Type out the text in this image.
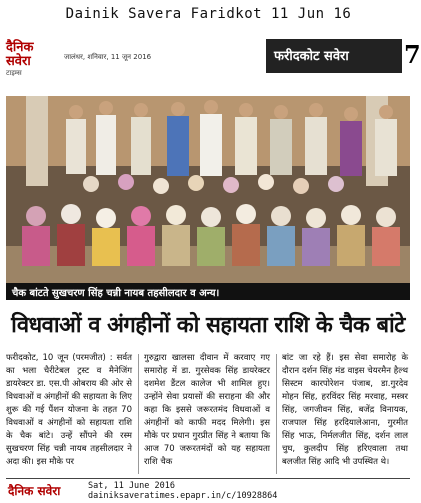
Dainik Savera Faridkot 11 Jun 16
दैनिक सवेरा
टाइम्स
जालंधर, शनिवार, 11 जून 2016	फरीदकोट सवेरा 7
चैक बांटते सुखचरण सिंह चन्नी नायब तहसीलदार व अन्य।
विधवाओं व अंगहीनों को सहायता राशि के चैक बांटे
फरीदकोट, 10 जून (परमजीत) : सर्वत का भला चैरीटेबल ट्रस्ट व मैनेजिंग डायरेक्टर डा. एस.पी ओबराय की ओर से विधवाओं व अंगहीनों की सहायता के लिए शुरू की गई पैंशन योजना के तहत 70 विधवाओं व अंगहीनों को सहायता राशि के चैक बांटे। उन्हें सौंपने की रस्म सुखचरण सिंह चन्नी नायब तहसीलदार ने अदा की। इस मौके पर
गुरुद्वारा खालसा दीवान में करवाए गए समारोह में डा. गुरसेवक सिंह डायरेक्टर दशमेश डैंटल कालेज भी शामिल हुए। उन्होंने सेवा प्रयासों की सराहना की और कहा कि इससे जरूरतमंद विधवाओं व अंगहीनों को काफी मदद मिलेगी। इस मौके पर प्रधान गुरप्रीत सिंह ने बताया कि आज 70 जरूरतमंदों को यह सहायता राशि चैक
बांट जा रहे हैं। इस सेवा समारोह के दौरान दर्शन सिंह मंड वाइस चेयरमैन हैल्थ सिस्टम कारपोरेशन पंजाब, डा.गुरदेव मोहन सिंह, हरविंदर सिंह मरवाह, मस्त्रर सिंह, जगजीवन सिंह, बजेंद्र विनायक, राजपाल सिंह हरदियालेआना, गुरमीत सिंह भाऊ, निर्मलजीत सिंह, दर्शन लाल चुघ, कुलदीप सिंह हरिएवाला तथा बलजीत सिंह आदि भी उपस्थित थे।
दैनिक सवेरा	Sat, 11 June 2016
dainiksaveratimes.epapr.in/c/10928864
